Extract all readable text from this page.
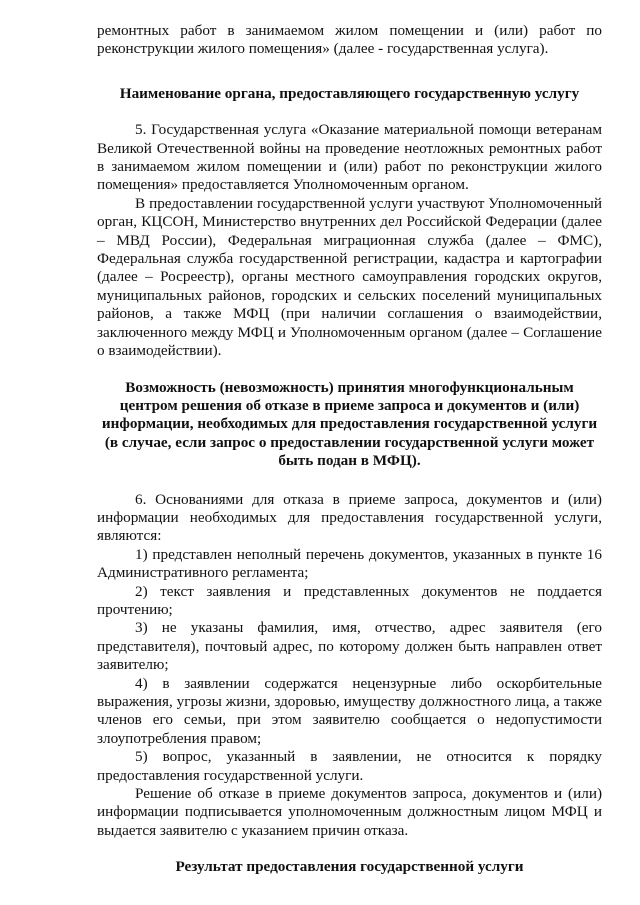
ремонтных работ в занимаемом жилом помещении и (или) работ по реконструкции жилого помещения» (далее - государственная услуга).

Наименование органа, предоставляющего государственную услугу

5. Государственная услуга «Оказание материальной помощи ветеранам Великой Отечественной войны на проведение неотложных ремонтных работ в занимаемом жилом помещении и (или) работ по реконструкции жилого помещения» предоставляется Уполномоченным органом.

В предоставлении государственной услуги участвуют Уполномоченный орган, КЦСОН, Министерство внутренних дел Российской Федерации (далее – МВД России), Федеральная миграционная служба (далее – ФМС), Федеральная служба государственной регистрации, кадастра и картографии (далее – Росреестр), органы местного самоуправления городских округов, муниципальных районов, городских и сельских поселений муниципальных районов, а также МФЦ (при наличии соглашения о взаимодействии, заключенного между МФЦ и Уполномоченным органом (далее – Соглашение о взаимодействии).

Возможность (невозможность) принятия многофункциональным
центром решения об отказе в приеме запроса и документов и (или)
информации, необходимых для предоставления государственной услуги
(в случае, если запрос о предоставлении государственной услуги может
быть подан в МФЦ).

6. Основаниями для отказа в приеме запроса, документов и (или) информации необходимых для предоставления государственной услуги, являются:

1) представлен неполный перечень документов, указанных в пункте 16 Административного регламента;

2) текст заявления и представленных документов не поддается прочтению;

3) не указаны фамилия, имя, отчество, адрес заявителя (его представителя), почтовый адрес, по которому должен быть направлен ответ заявителю;

4) в заявлении содержатся нецензурные либо оскорбительные выражения, угрозы жизни, здоровью, имуществу должностного лица, а также членов его семьи, при этом заявителю сообщается о недопустимости злоупотребления правом;

5) вопрос, указанный в заявлении, не относится к порядку предоставления государственной услуги.

Решение об отказе в приеме документов запроса, документов и (или) информации подписывается уполномоченным должностным лицом МФЦ и выдается заявителю с указанием причин отказа.

Результат предоставления государственной услуги
